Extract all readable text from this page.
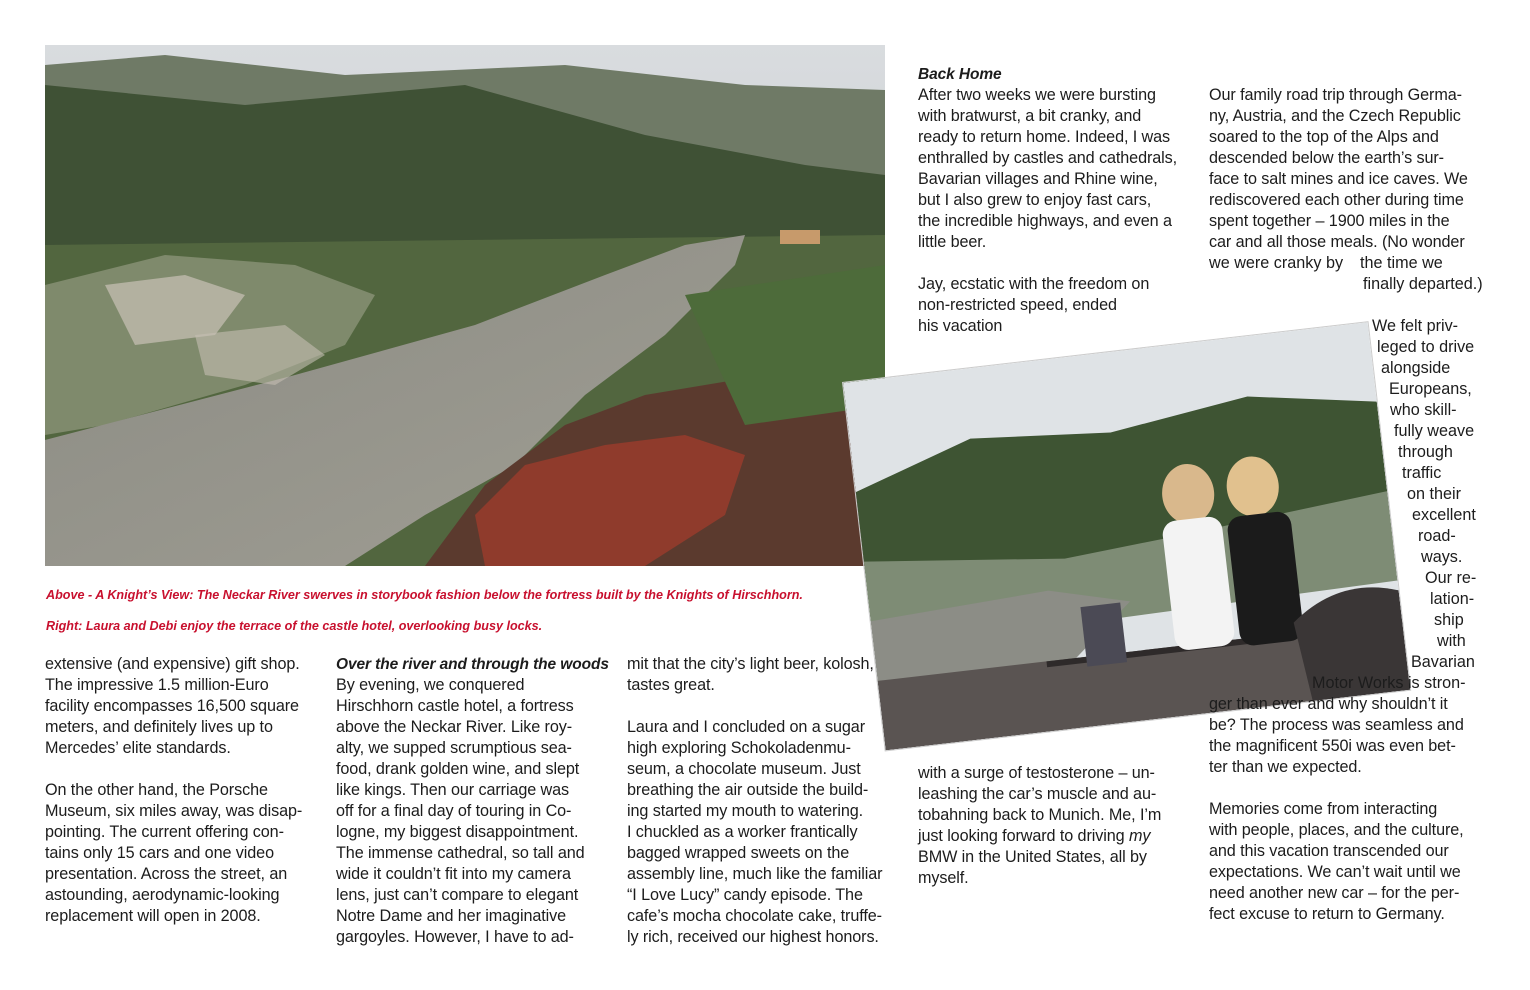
Above - A Knight’s View: The Neckar River swerves in storybook fashion below the fortress built by the Knights of Hirschhorn.
Right: Laura and Debi enjoy the terrace of the castle hotel, overlooking busy locks.

extensive (and expensive) gift shop.

The impressive 1.5 million-Euro

facility encompasses 16,500 square

meters, and definitely lives up to

Mercedes’ elite standards.

On the other hand, the Porsche

Museum, six miles away, was disap-

pointing. The current offering con-

tains only 15 cars and one video

presentation. Across the street, an

astounding, aerodynamic-looking

replacement will open in 2008.

Over the river and through the woods

By evening, we conquered

Hirschhorn castle hotel, a fortress

above the Neckar River. Like roy-

alty, we supped scrumptious sea-

food, drank golden wine, and slept

like kings. Then our carriage was

off for a final day of touring in Co-

logne, my biggest disappointment.

The immense cathedral, so tall and

wide it couldn’t fit into my camera

lens, just can’t compare to elegant

Notre Dame and her imaginative

gargoyles. However, I have to ad-

mit that the city’s light beer, kolosh,

tastes great.

Laura and I concluded on a sugar

high exploring Schokoladenmu-

seum, a chocolate museum. Just

breathing the air outside the build-

ing started my mouth to watering.

I chuckled as a worker frantically

bagged wrapped sweets on the

assembly line, much like the familiar

“I Love Lucy” candy episode. The

cafe’s mocha chocolate cake, truffe-

ly rich, received our highest honors.

Back Home

After two weeks we were bursting

with bratwurst, a bit cranky, and

ready to return home. Indeed, I was

enthralled by castles and cathedrals,

Bavarian villages and Rhine wine,

but I also grew to enjoy fast cars,

the incredible highways, and even a

little beer.

Jay, ecstatic with the freedom on

non-restricted speed, ended

his vacation

with a surge of testosterone – un-

leashing the car’s muscle and au-

tobahning back to Munich. Me, I’m

just looking forward to driving my

BMW in the United States, all by

myself.

Our family road trip through Germa-

ny, Austria, and the Czech Republic

soared to the top of the Alps and

descended below the earth’s sur-

face to salt mines and ice caves. We

rediscovered each other during time

spent together – 1900 miles in the

car and all those meals. (No wonder

we were cranky by the time we
finally departed.)
We felt priv-
leged to drive
alongside
Europeans,
who skill-
fully weave
through
traffic
on their
excellent
road-
ways.
Our re-
lation-
ship
with
Bavarian
Motor Works is stron-

ger than ever and why shouldn’t it

be? The process was seamless and

the magnificent 550i was even bet-

ter than we expected.

Memories come from interacting

with people, places, and the culture,

and this vacation transcended our

expectations. We can’t wait until we

need another new car – for the per-

fect excuse to return to Germany.
